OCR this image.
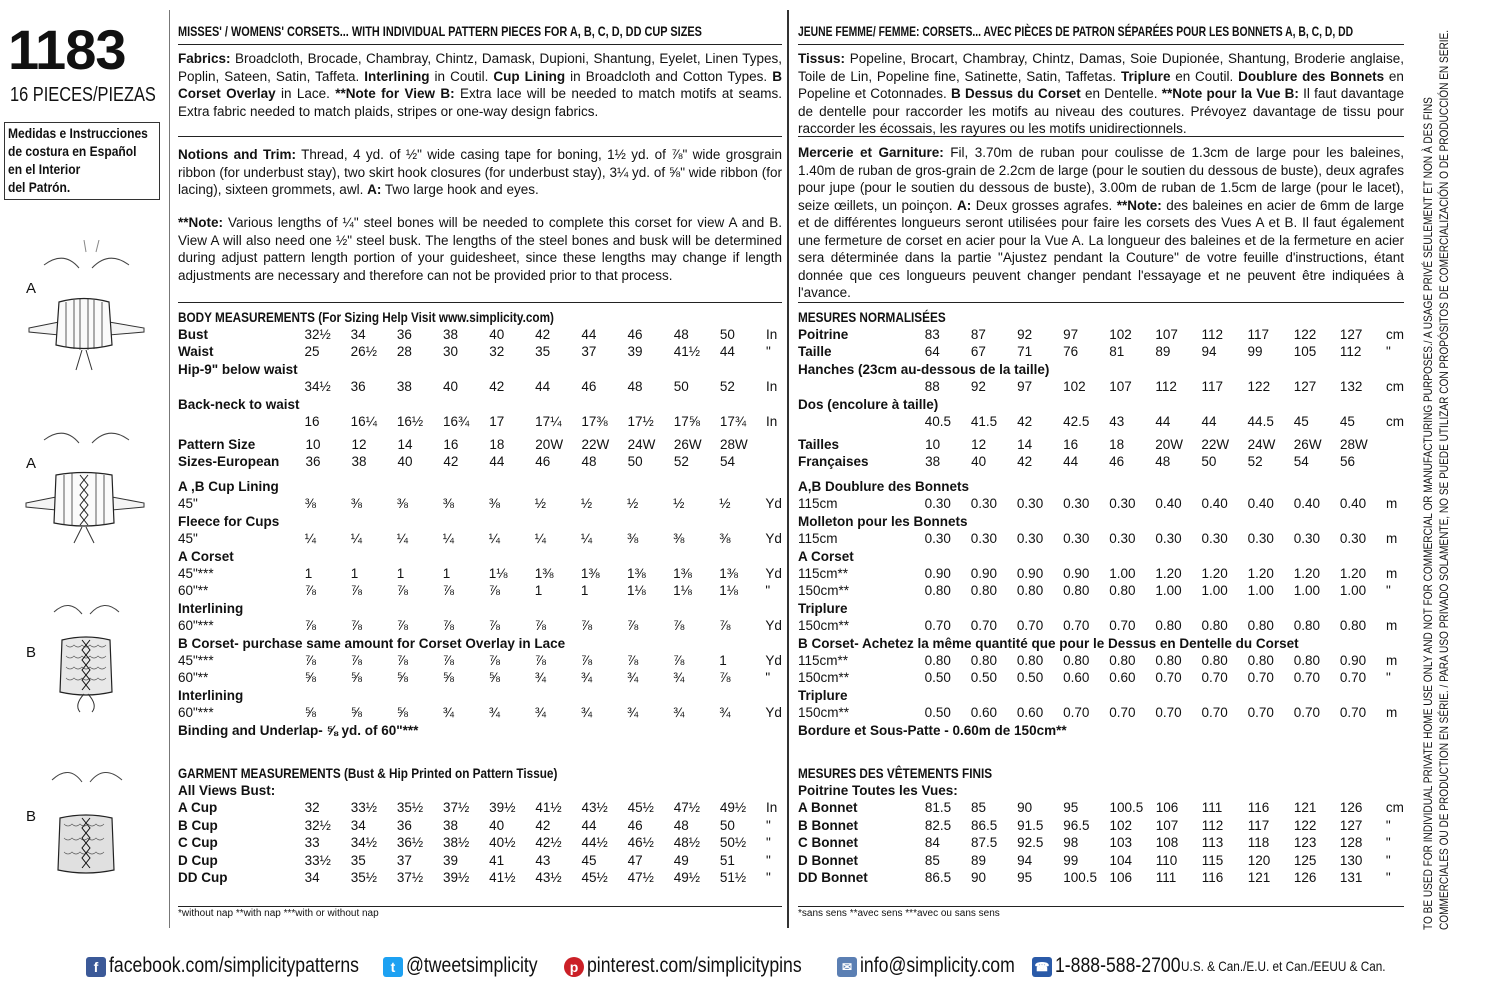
1183
16 PIECES/PIEZAS
Medidas e Instrucciones
de costura en Español
en el Interior
del Patrón.
A
A
B
B
MISSES' / WOMENS' CORSETS... WITH INDIVIDUAL PATTERN PIECES FOR A, B, C, D, DD CUP SIZES
Fabrics: Broadcloth, Brocade, Chambray, Chintz, Damask, Dupioni, Shantung, Eyelet, Linen Types, Poplin, Sateen, Satin, Taffeta. Interlining in Coutil. Cup Lining in Broadcloth and Cotton Types. B Corset Overlay in Lace. **Note for View B: Extra lace will be needed to match motifs at seams. Extra fabric needed to match plaids, stripes or one-way design fabrics.
Notions and Trim: Thread, 4 yd. of ½" wide casing tape for boning, 1½ yd. of ⅞" wide grosgrain ribbon (for underbust stay), two skirt hook closures (for underbust stay), 3¼ yd. of ⅝" wide ribbon (for lacing), sixteen grommets, awl. A: Two large hook and eyes.
**Note: Various lengths of ¼" steel bones will be needed to complete this corset for view A and B. View A will also need one ½" steel busk. The lengths of the steel bones and busk will be determined during adjust pattern length portion of your guidesheet, since these lengths may change if length adjustments are necessary and therefore can not be provided prior to that process.
BODY MEASUREMENTS (For Sizing Help Visit www.simplicity.com)
Bust	32½	34	36	38	40	42	44	46	48	50	In
Waist	25	26½	28	30	32	35	37	39	41½	44	"
Hip-9" below waist											
	34½	36	38	40	42	44	46	48	50	52	In
Back-neck to waist											
	16	16¼	16½	16¾	17	17¼	17⅜	17½	17⅝	17¾	In
Pattern Size	10	12	14	16	18	20W	22W	24W	26W	28W	
Sizes-European	36	38	40	42	44	46	48	50	52	54	
A ,B Cup Lining											
45"	⅜	⅜	⅜	⅜	⅜	½	½	½	½	½	Yd
Fleece for Cups											
45"	¼	¼	¼	¼	¼	¼	¼	⅜	⅜	⅜	Yd
A Corset											
45"***	1	1	1	1	1⅛	1⅜	1⅜	1⅜	1⅜	1⅜	Yd
60"**	⅞	⅞	⅞	⅞	⅞	1	1	1⅛	1⅛	1⅛	"
Interlining											
60"***	⅞	⅞	⅞	⅞	⅞	⅞	⅞	⅞	⅞	⅞	Yd
B Corset- purchase same amount for Corset Overlay in Lace											
45"***	⅞	⅞	⅞	⅞	⅞	⅞	⅞	⅞	⅞	1	Yd
60"**	⅝	⅝	⅝	⅝	⅝	¾	¾	¾	¾	⅞	"
Interlining											
60"***	⅝	⅝	⅝	¾	¾	¾	¾	¾	¾	¾	Yd
Binding and Underlap- ⅝ yd. of 60"***											
GARMENT MEASUREMENTS (Bust & Hip Printed on Pattern Tissue)
All Views Bust:											
A Cup	32	33½	35½	37½	39½	41½	43½	45½	47½	49½	In
B Cup	32½	34	36	38	40	42	44	46	48	50	"
C Cup	33	34½	36½	38½	40½	42½	44½	46½	48½	50½	"
D Cup	33½	35	37	39	41	43	45	47	49	51	"
DD Cup	34	35½	37½	39½	41½	43½	45½	47½	49½	51½	"
*without nap **with nap ***with or without nap
JEUNE FEMME/ FEMME: CORSETS... AVEC PIÈCES DE PATRON SÉPARÉES POUR LES BONNETS A, B, C, D, DD
Tissus: Popeline, Brocart, Chambray, Chintz, Damas, Soie Dupionée, Shantung, Broderie anglaise, Toile de Lin, Popeline fine, Satinette, Satin, Taffetas. Triplure en Coutil. Doublure des Bonnets en Popeline et Cotonnades. B Dessus du Corset en Dentelle. **Note pour la Vue B: Il faut davantage de dentelle pour raccorder les motifs au niveau des coutures. Prévoyez davantage de tissu pour raccorder les écossais, les rayures ou les motifs unidirectionnels.
Mercerie et Garniture: Fil, 3.70m de ruban pour coulisse de 1.3cm de large pour les baleines, 1.40m de ruban de gros-grain de 2.2cm de large (pour le soutien du dessous de buste), deux agrafes pour jupe (pour le soutien du dessous de buste), 3.00m de ruban de 1.5cm de large (pour le lacet), seize œillets, un poinçon. A: Deux grosses agrafes. **Note: des baleines en acier de 6mm de large et de différentes longueurs seront utilisées pour faire les corsets des Vues A et B. Il faut également une fermeture de corset en acier pour la Vue A. La longueur des baleines et de la fermeture en acier sera déterminée dans la partie "Ajustez pendant la Couture" de votre feuille d'instructions, étant donnée que ces longueurs peuvent changer pendant l'essayage et ne peuvent être indiquées à l'avance.
MESURES NORMALISÉES
Poitrine	83	87	92	97	102	107	112	117	122	127	cm
Taille	64	67	71	76	81	89	94	99	105	112	"
Hanches (23cm au-dessous de la taille)											
	88	92	97	102	107	112	117	122	127	132	cm
Dos (encolure à taille)											
	40.5	41.5	42	42.5	43	44	44	44.5	45	45	cm
Tailles	10	12	14	16	18	20W	22W	24W	26W	28W	
Françaises	38	40	42	44	46	48	50	52	54	56	
A,B Doublure des Bonnets											
115cm	0.30	0.30	0.30	0.30	0.30	0.40	0.40	0.40	0.40	0.40	m
Molleton pour les Bonnets											
115cm	0.30	0.30	0.30	0.30	0.30	0.30	0.30	0.30	0.30	0.30	m
A Corset											
115cm**	0.90	0.90	0.90	0.90	1.00	1.20	1.20	1.20	1.20	1.20	m
150cm**	0.80	0.80	0.80	0.80	0.80	1.00	1.00	1.00	1.00	1.00	"
Triplure											
150cm**	0.70	0.70	0.70	0.70	0.70	0.80	0.80	0.80	0.80	0.80	m
B Corset- Achetez la même quantité que pour le Dessus en Dentelle du Corset											
115cm**	0.80	0.80	0.80	0.80	0.80	0.80	0.80	0.80	0.80	0.90	m
150cm**	0.50	0.50	0.50	0.60	0.60	0.70	0.70	0.70	0.70	0.70	"
Triplure											
150cm**	0.50	0.60	0.60	0.70	0.70	0.70	0.70	0.70	0.70	0.70	m
Bordure et Sous-Patte - 0.60m de 150cm**											
MESURES DES VÊTEMENTS FINIS
Poitrine Toutes les Vues:											
A Bonnet	81.5	85	90	95	100.5	106	111	116	121	126	cm
B Bonnet	82.5	86.5	91.5	96.5	102	107	112	117	122	127	"
C Bonnet	84	87.5	92.5	98	103	108	113	118	123	128	"
D Bonnet	85	89	94	99	104	110	115	120	125	130	"
DD Bonnet	86.5	90	95	100.5	106	111	116	121	126	131	"
*sans sens **avec sens ***avec ou sans sens	TO BE USED FOR INDIVIDUAL PRIVATE HOME USE ONLY AND NOT FOR COMMERCIAL OR MANUFACTURING PURPOSES./ A USAGE PRIVÉ SEULEMENT ET NON À DES FINS COMMERCIALES OU DE PRODUCTION EN SÉRIE. / PARA USO PRIVADO SOLAMENTE, NO SE PUEDE UTILIZAR CON PROPÓSITOS DE COMERCIALIZACIÓN O DE PRODUCCIÓN EN SERIE.
f facebook.com/simplicitypatterns t @tweetsimplicity p pinterest.com/simplicitypins	✉ info@simplicity.com ☎ 1-888-588-2700U.S. & Can./E.U. et Can./EEUU & Can.
